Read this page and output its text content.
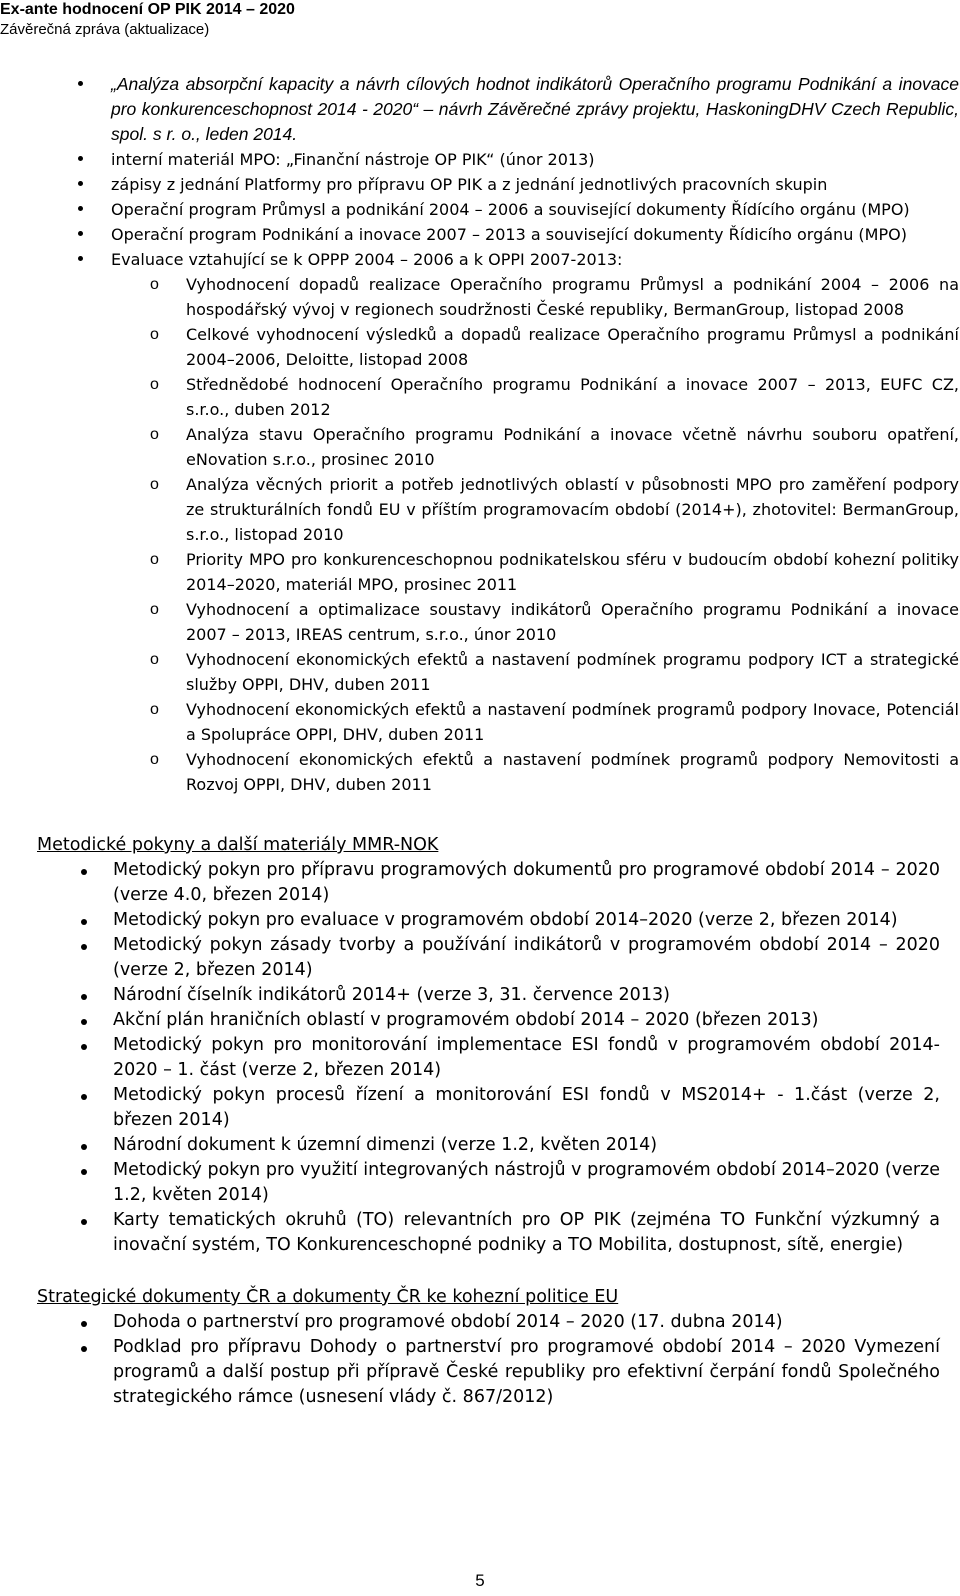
Ex-ante hodnocení OP PIK 2014 – 2020
Závěrečná zpráva (aktualizace)
„Analýza absorpční kapacity a návrh cílových hodnot indikátorů Operačního programu Podnikání a inovace pro konkurenceschopnost 2014 - 2020“ – návrh Závěrečné zprávy projektu, HaskoningDHV Czech Republic, spol. s r. o., leden 2014.
interní materiál MPO: „Finanční nástroje OP PIK“ (únor 2013)
zápisy z jednání Platformy pro přípravu OP PIK a z jednání jednotlivých pracovních skupin
Operační program Průmysl a podnikání 2004 – 2006 a související dokumenty Řídícího orgánu (MPO)
Operační program Podnikání a inovace 2007 – 2013 a související dokumenty Řídicího orgánu (MPO)
Evaluace vztahující se k OPPP 2004 – 2006 a k OPPI 2007-2013:
o Vyhodnocení dopadů realizace Operačního programu Průmysl a podnikání 2004 – 2006 na hospodářský vývoj v regionech soudržnosti České republiky, BermanGroup, listopad 2008
o Celkové vyhodnocení výsledků a dopadů realizace Operačního programu Průmysl a podnikání 2004–2006, Deloitte, listopad 2008
o Střednědobé hodnocení Operačního programu Podnikání a inovace 2007 – 2013, EUFC CZ, s.r.o., duben 2012
o Analýza stavu Operačního programu Podnikání a inovace včetně návrhu souboru opatření, eNovation s.r.o., prosinec 2010
o Analýza věcných priorit a potřeb jednotlivých oblastí v působnosti MPO pro zaměření podpory ze strukturálních fondů EU v příštím programovacím období (2014+), zhotovitel: BermanGroup, s.r.o., listopad 2010
o Priority MPO pro konkurenceschopnou podnikatelskou sféru v budoucím období kohezní politiky 2014–2020, materiál MPO, prosinec 2011
o Vyhodnocení a optimalizace soustavy indikátorů Operačního programu Podnikání a inovace 2007 – 2013, IREAS centrum, s.r.o., únor 2010
o Vyhodnocení ekonomických efektů a nastavení podmínek programu podpory ICT a strategické služby OPPI, DHV, duben 2011
o Vyhodnocení ekonomických efektů a nastavení podmínek programů podpory Inovace, Potenciál a Spolupráce OPPI, DHV, duben 2011
o Vyhodnocení ekonomických efektů a nastavení podmínek programů podpory Nemovitosti a Rozvoj OPPI, DHV, duben 2011
Metodické pokyny a další materiály MMR-NOK
Metodický pokyn pro přípravu programových dokumentů pro programové období 2014 – 2020 (verze 4.0, březen 2014)
Metodický pokyn pro evaluace v programovém období 2014–2020 (verze 2, březen 2014)
Metodický pokyn zásady tvorby a používání indikátorů v programovém období 2014 – 2020 (verze 2, březen 2014)
Národní číselník indikátorů 2014+ (verze 3, 31. července 2013)
Akční plán hraničních oblastí v programovém období 2014 – 2020 (březen 2013)
Metodický pokyn pro monitorování implementace ESI fondů v programovém období 2014-2020 – 1. část (verze 2, březen 2014)
Metodický pokyn procesů řízení a monitorování ESI fondů v MS2014+ - 1.část (verze 2, březen 2014)
Národní dokument k územní dimenzi (verze 1.2, květen 2014)
Metodický pokyn pro využití integrovaných nástrojů v programovém období 2014–2020 (verze 1.2, květen 2014)
Karty tematických okruhů (TO) relevantních pro OP PIK (zejména TO Funkční výzkumný a inovační systém, TO Konkurenceschopné podniky a TO Mobilita, dostupnost, sítě, energie)
Strategické dokumenty ČR a dokumenty ČR ke kohezní politice EU
Dohoda o partnerství pro programové období 2014 – 2020 (17. dubna 2014)
Podklad pro přípravu Dohody o partnerství pro programové období 2014 – 2020 Vymezení programů a další postup při přípravě České republiky pro efektivní čerpání fondů Společného strategického rámce (usnesení vlády č. 867/2012)
5
